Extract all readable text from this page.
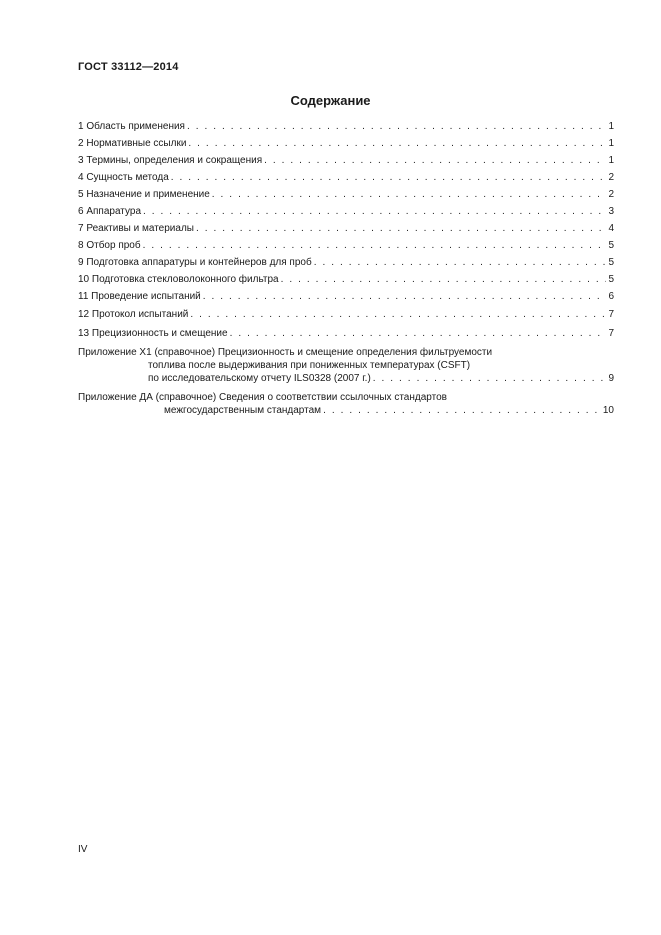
ГОСТ 33112—2014
Содержание
1 Область применения . . .	1
2 Нормативные ссылки . . .	1
3 Термины, определения и сокращения . . .	1
4 Сущность метода . . .	2
5 Назначение и применение . . .	2
6 Аппаратура . . .	3
7 Реактивы и материалы . . .	4
8 Отбор проб . . .	5
9 Подготовка аппаратуры и контейнеров для проб . . .	5
10 Подготовка стекловолоконного фильтра . . .	5
11 Проведение испытаний . . .	6
12 Протокол испытаний . . .	7
13 Прецизионность и смещение . . .	7
Приложение Х1 (справочное) Прецизионность и смещение определения фильтруемости
топлива после выдерживания при пониженных температурах (CSFT)
по исследовательскому отчету ILS0328 (2007 г.) . . .	9
Приложение ДА (справочное) Сведения о соответствии ссылочных стандартов
межгосударственным стандартам . . .	10
IV
